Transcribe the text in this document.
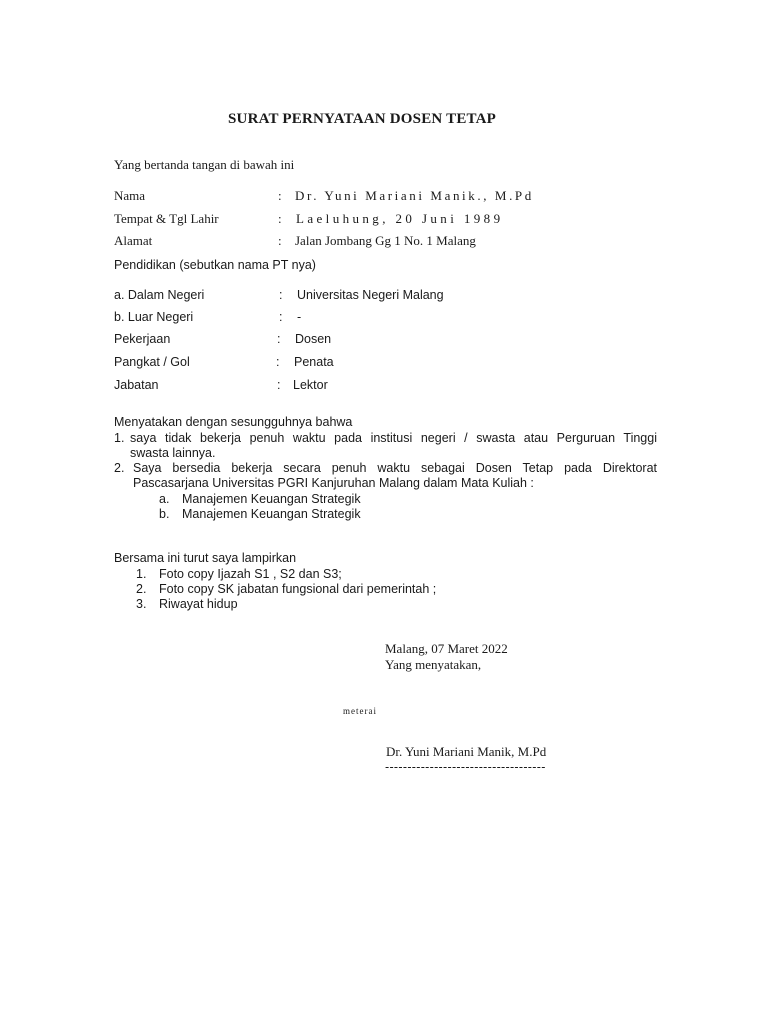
SURAT PERNYATAAN DOSEN TETAP
Yang bertanda tangan di bawah ini
Nama	: Dr. Yuni Mariani Manik., M.Pd
Tempat & Tgl Lahir	: Laeluhung, 20 Juni 1989
Alamat	: Jalan Jombang Gg 1 No. 1 Malang
Pendidikan (sebutkan nama PT nya)
a. Dalam Negeri	: Universitas Negeri Malang
b. Luar Negeri	: -
Pekerjaan	: Dosen
Pangkat / Gol	: Penata
Jabatan	: Lektor
Menyatakan dengan sesungguhnya bahwa
1. saya tidak bekerja penuh waktu pada institusi negeri / swasta atau Perguruan Tinggi
swasta lainnya.
2. Saya bersedia bekerja secara penuh waktu sebagai Dosen Tetap pada Direktorat
Pascasarjana Universitas PGRI Kanjuruhan Malang dalam Mata Kuliah :
a. Manajemen Keuangan Strategik
b. Manajemen Keuangan Strategik
Bersama ini turut saya lampirkan
1. Foto copy Ijazah S1 , S2 dan S3;
2. Foto copy SK jabatan fungsional dari pemerintah ;
3. Riwayat hidup
Malang, 07 Maret 2022
Yang menyatakan,
meterai
Dr. Yuni Mariani Manik, M.Pd
------------------------------------
